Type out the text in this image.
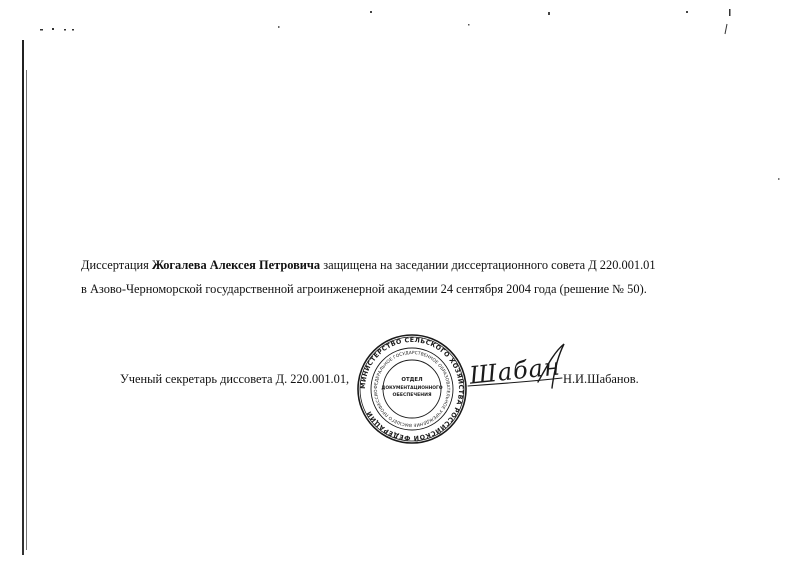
Диссертация Жогалева Алексея Петровича защищена на заседании диссертационного совета Д 220.001.01
в Азово-Черноморской государственной агроинженерной академии 24 сентября 2004 года (решение № 50).
Ученый секретарь диссовета Д. 220.001.01, МИНИСТЕРСТВО СЕЛЬСКОГО ХОЗЯЙСТВА РОССИЙСКОЙ ФЕДЕРАЦИИ
ФЕДЕРАЛЬНОЕ ГОСУДАРСТВЕННОЕ ОБРАЗОВАТЕЛЬНОЕ УЧРЕЖДЕНИЕ ВЫСШЕГО ПРОФЕССИО
ОТДЕЛ
ДОКУМЕНТАЦИОННОГО
ОБЕСПЕЧЕНИЯ
Шабан Н.И.Шабанов.
